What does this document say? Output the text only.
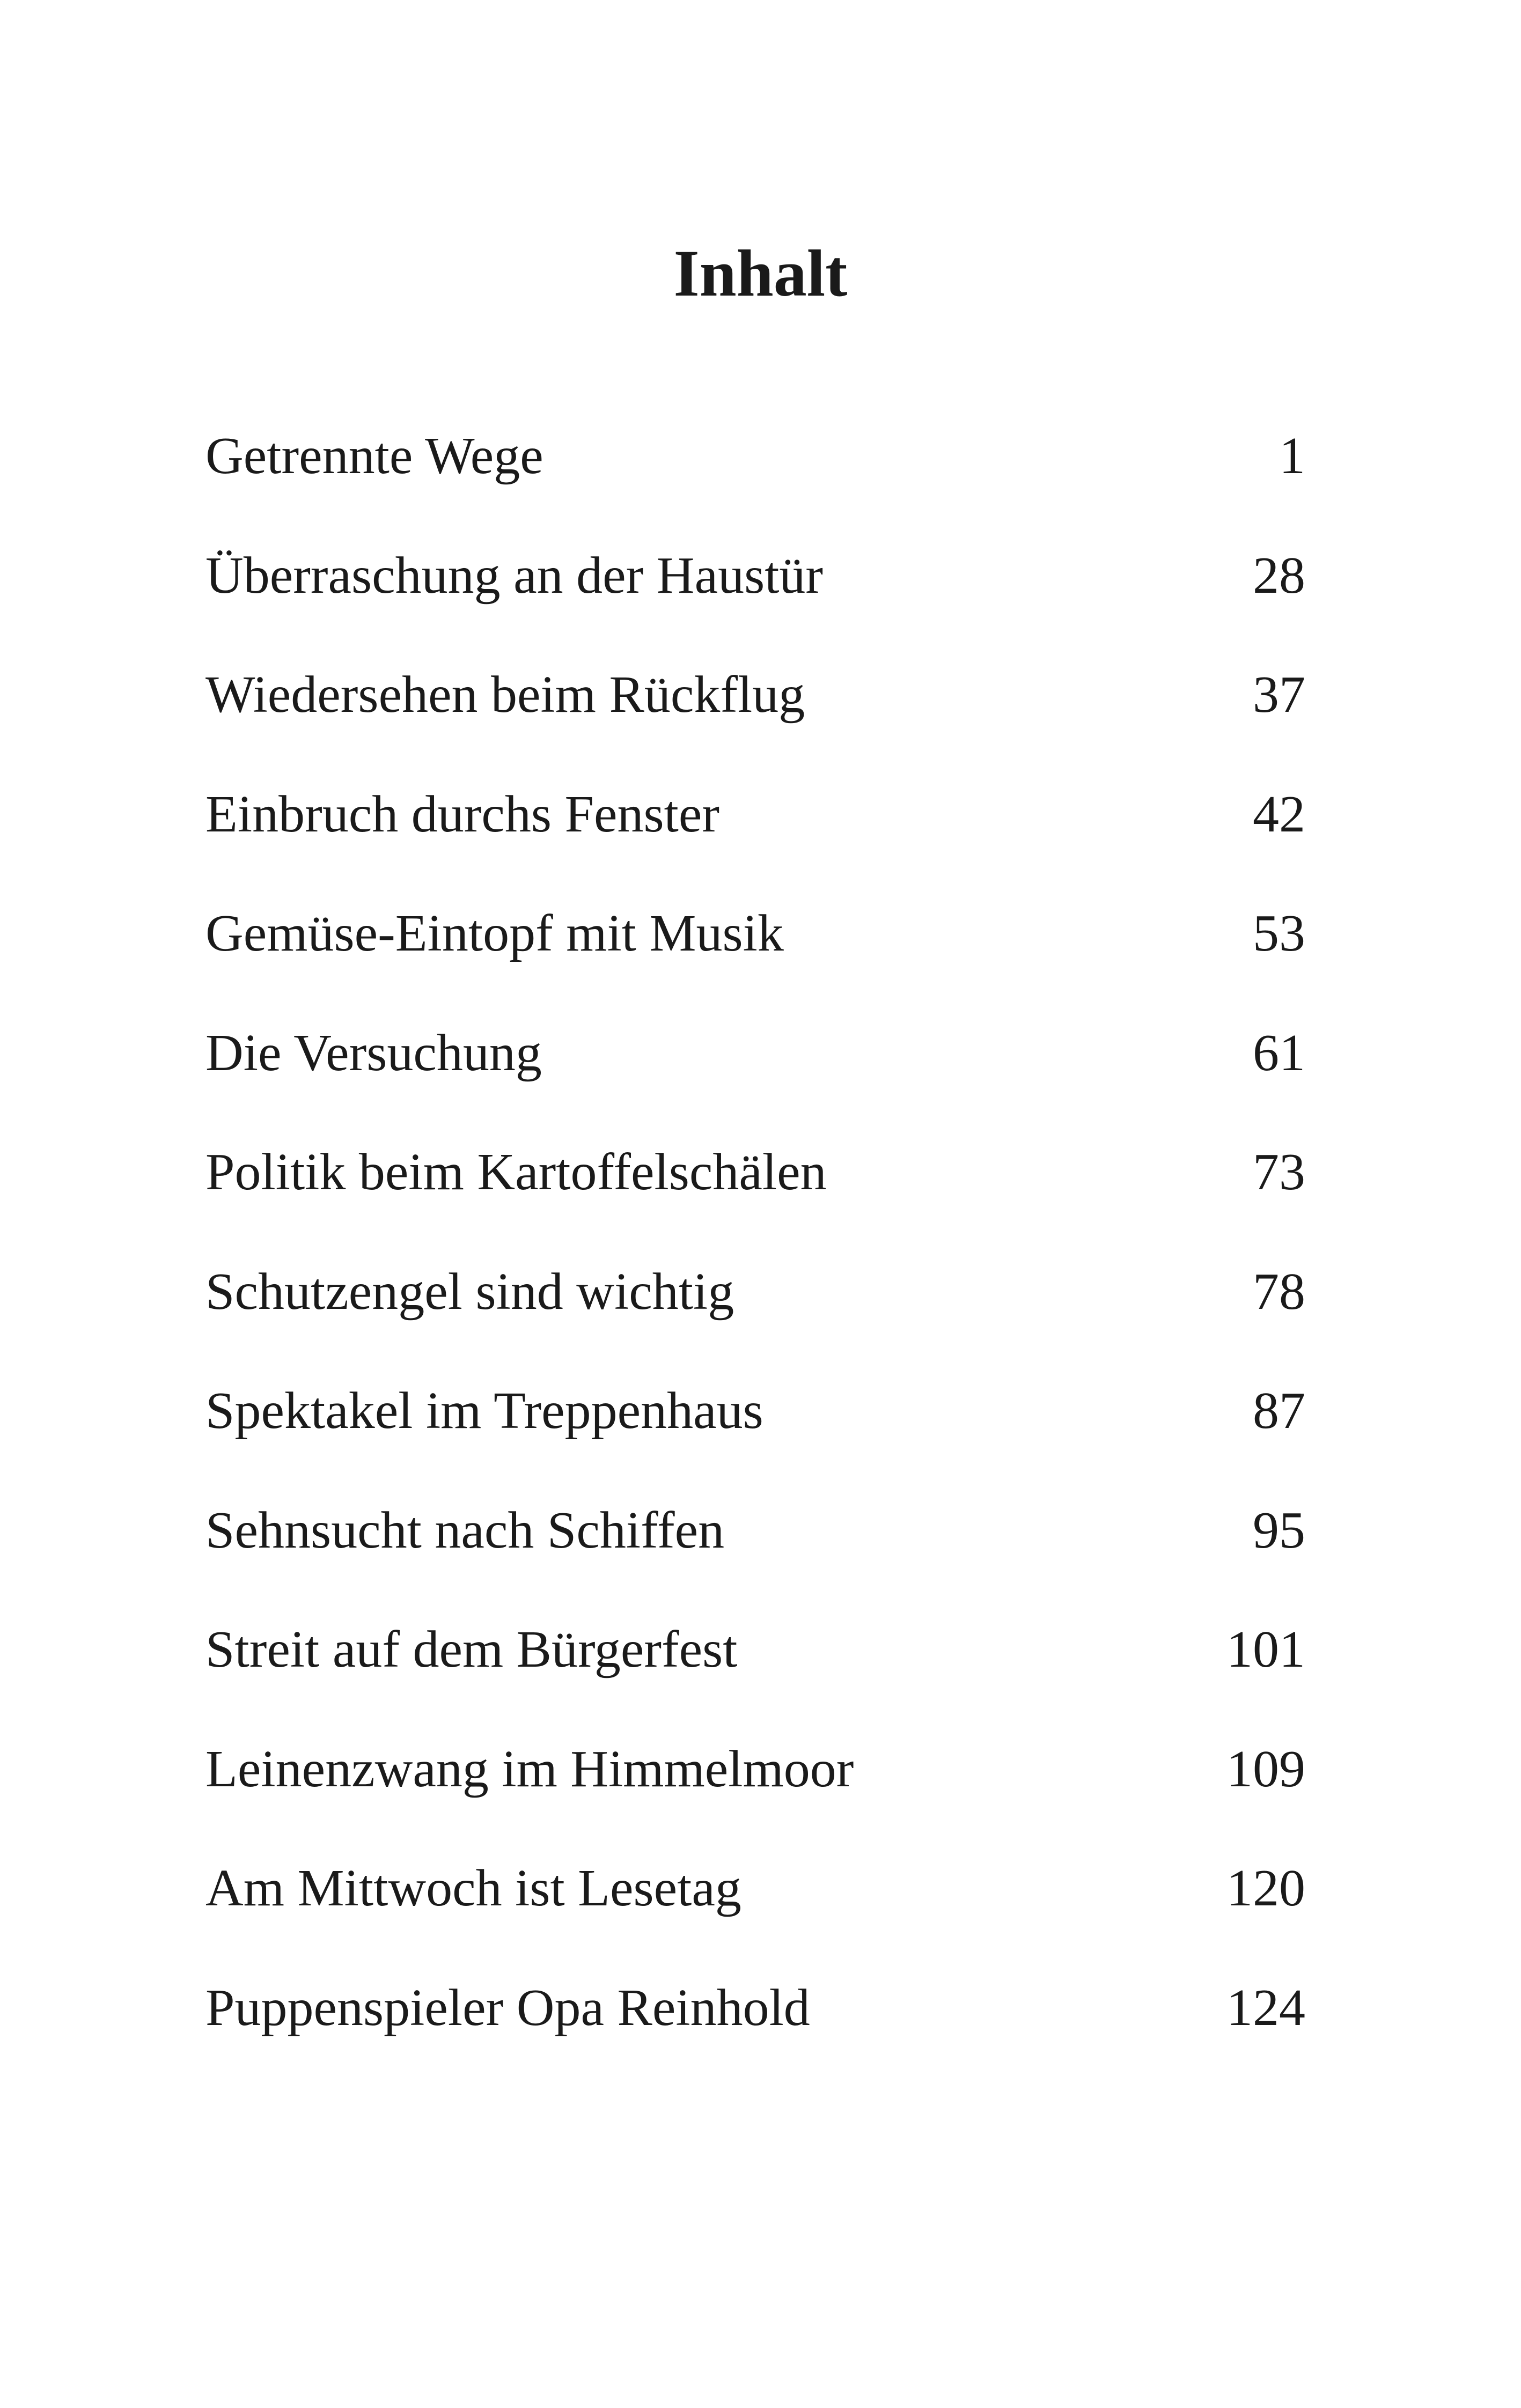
Inhalt
Getrennte Wege	1
Überraschung an der Haustür	28
Wiedersehen beim Rückflug	37
Einbruch durchs Fenster	42
Gemüse-Eintopf mit Musik	53
Die Versuchung	61
Politik beim Kartoffelschälen	73
Schutzengel sind wichtig	78
Spektakel im Treppenhaus	87
Sehnsucht nach Schiffen	95
Streit auf dem Bürgerfest	101
Leinenzwang im Himmelmoor	109
Am Mittwoch ist Lesetag	120
Puppenspieler Opa Reinhold	124
